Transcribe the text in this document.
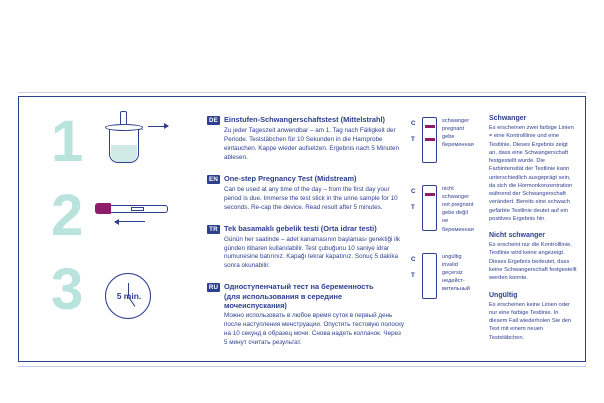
1
2
3	5 min.
DE Einstufen-Schwangerschaftstest (Mittelstrahl)
Zu jeder Tageszeit anwendbar – am 1. Tag nach Fälligkeit der Periode. Teststäbchen für 10 Sekunden in die Harnprobe eintauchen. Kappe wieder aufsetzen. Ergebnis nach 5 Minuten ablesen.
EN One-step Pregnancy Test (Midstream)
Can be used at any time of the day – from the first day your period is due. Immerse the test stick in the urine sample for 10 seconds. Re-cap the device. Read result after 5 minutes.
TR Tek basamaklı gebelik testi (Orta idrar testi)
Günün her saatinde – adet kanamasının başlaması gerektiği ilk günden itibaren kullanılabilir. Test çubuğunu 10 saniye idrar numunesine batırınız. Kapağı tekrar kapatınız. Sonuç 5 dakika sonra okunabilir.
RU Одноступенчатый тест на беременность
(для использования в середине мочеиспускания)
Можно использовать в любое время суток в первый день после наступления менструации. Опустить тестовую полоску на 10 секунд в образец мочи. Снова надеть колпачок. Через 5 минут считать результат.
C
T
schwanger
pregnant
gebe
беременная
C
T
nicht
schwanger
not pregnant
gebe değil
не
беременная
C
T
ungültig
invalid
geçersiz
недейст-
вительный
Schwanger
Es erscheinen zwei farbige Linien = eine Kontrolllinie und eine Testlinie. Dieses Ergebnis zeigt an, dass eine Schwangerschaft festgestellt wurde. Die Farbintensität der Testlinie kann unterschiedlich ausgeprägt sein, da sich die Hormonkonzentration während der Schwangerschaft verändert. Bereits eine schwach gefärbte Testlinie deutet auf ein positives Ergebnis hin.
Nicht schwanger
Es erscheint nur die Kontrolllinie, Testlinie wird keine angezeigt. Dieses Ergebnis bedeutet, dass keine Schwangerschaft festgestellt werden konnte.
Ungültig
Es erscheinen keine Linien oder nur eine farbige Testlinie. In diesem Fall wiederholen Sie den Test mit einem neuen Teststäbchen.
